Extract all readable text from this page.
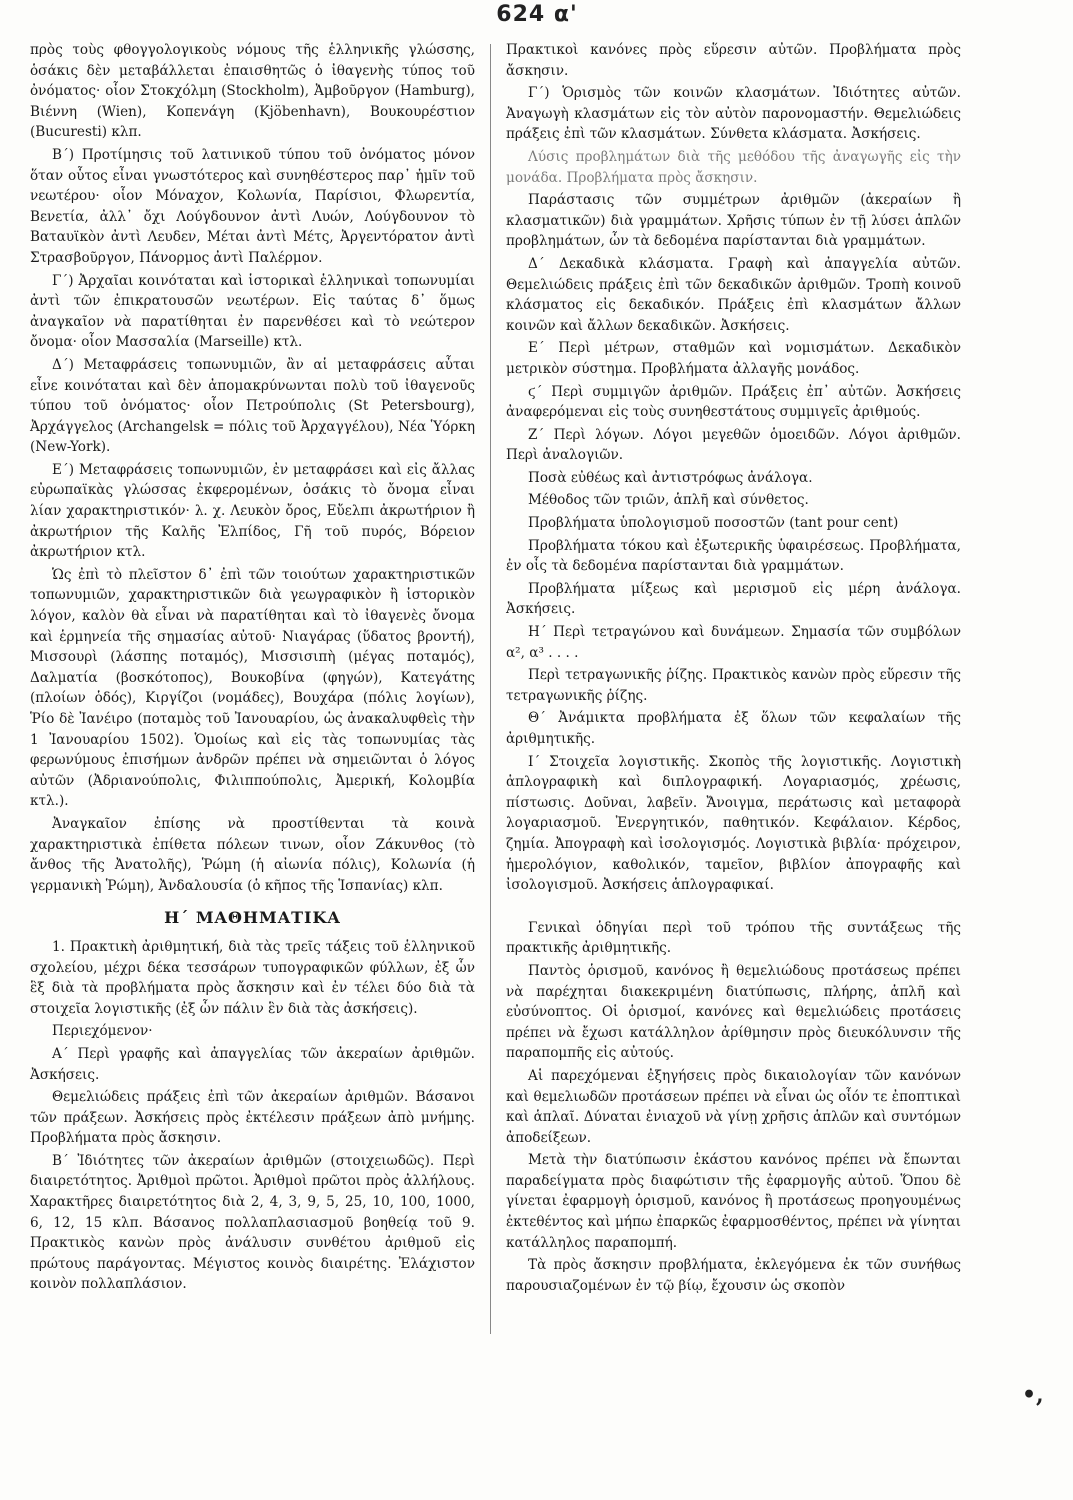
624 α'

πρὸς τοὺς φθογγολογικοὺς νόμους τῆς ἑλληνικῆς γλώσσης, ὁσάκις δὲν μεταβάλλεται ἐπαισθητῶς ὁ ἰθαγενὴς τύπος τοῦ ὀνόματος· οἷον Στοκχόλμη (Stockholm), Ἀμβοῦργον (Hamburg), Βιέννη (Wien), Κοπενάγη (Kjöbenhavn), Βουκουρέστιον (Bucuresti) κλπ.

Β΄) Προτίμησις τοῦ λατινικοῦ τύπου τοῦ ὀνόματος μόνον ὅταν οὗτος εἶναι γνωστότερος καὶ συνηθέστερος παρ᾿ ἡμῖν τοῦ νεωτέρου· οἷον Μόναχον, Κολωνία, Παρίσιοι, Φλωρεντία, Βενετία, ἀλλ᾿ ὄχι Λούγδουνον ἀντὶ Λυών, Λούγδουνον τὸ Βαταυϊκὸν ἀντὶ Λευδεν, Μέται ἀντὶ Μέτς, Ἀργεντόρατον ἀντὶ Στρασβοῦργον, Πάνορμος ἀντὶ Παλέρμον.

Γ΄) Ἀρχαῖαι κοινόταται καὶ ἱστορικαὶ ἑλληνικαὶ τοπωνυμίαι ἀντὶ τῶν ἐπικρατουσῶν νεωτέρων. Εἰς ταύτας δ᾿ ὅμως ἀναγκαῖον νὰ παρατίθηται ἐν παρενθέσει καὶ τὸ νεώτερον ὄνομα· οἷον Μασσαλία (Marseille) κτλ.

Δ΄) Μεταφράσεις τοπωνυμιῶν, ἂν αἱ μεταφράσεις αὗται εἶνε κοινόταται καὶ δὲν ἀπομακρύνωνται πολὺ τοῦ ἰθαγενοῦς τύπου τοῦ ὀνόματος· οἷον Πετρούπολις (St Petersbourg), Ἀρχάγγελος (Archangelsk = πόλις τοῦ Ἀρχαγγέλου), Νέα Ὑόρκη (New-York).

Ε΄) Μεταφράσεις τοπωνυμιῶν, ἐν μεταφράσει καὶ εἰς ἄλλας εὐρωπαϊκὰς γλώσσας ἐκφερομένων, ὁσάκις τὸ ὄνομα εἶναι λίαν χαρακτηριστικόν· λ. χ. Λευκὸν ὄρος, Εὔελπι ἀκρωτήριον ἢ ἀκρωτήριον τῆς Καλῆς Ἐλπίδος, Γῆ τοῦ πυρός, Βόρειον ἀκρωτήριον κτλ.

Ὡς ἐπὶ τὸ πλεῖστον δ᾿ ἐπὶ τῶν τοιούτων χαρακτηριστικῶν τοπωνυμιῶν, χαρακτηριστικῶν διὰ γεωγραφικὸν ἢ ἱστορικὸν λόγον, καλὸν θὰ εἶναι νὰ παρατίθηται καὶ τὸ ἰθαγενὲς ὄνομα καὶ ἑρμηνεία τῆς σημασίας αὐτοῦ· Νιαγάρας (ὕδατος βροντή), Μισσουρὶ (λάσπης ποταμός), Μισσισιπὴ (μέγας ποταμός), Δαλματία (βοσκότοπος), Βουκοβίνα (φηγών), Κατεγάτης (πλοίων ὁδός), Κιργίζοι (νομάδες), Βουχάρα (πόλις λογίων), Ῥίο δὲ Ἰανέιρο (ποταμὸς τοῦ Ἰανουαρίου, ὡς ἀνακαλυφθεὶς τὴν 1 Ἰανουαρίου 1502). Ὁμοίως καὶ εἰς τὰς τοπωνυμίας τὰς φερωνύμους ἐπισήμων ἀνδρῶν πρέπει νὰ σημειῶνται ὁ λόγος αὐτῶν (Ἀδριανούπολις, Φιλιππούπολις, Ἀμερική, Κολομβία κτλ.).

Ἀναγκαῖον ἐπίσης νὰ προστίθενται τὰ κοινὰ χαρακτηριστικὰ ἐπίθετα πόλεων τινων, οἷον Ζάκυνθος (τὸ ἄνθος τῆς Ἀνατολῆς), Ῥώμη (ἡ αἰωνία πόλις), Κολωνία (ἡ γερμανικὴ Ῥώμη), Ἀνδαλουσία (ὁ κῆπος τῆς Ἱσπανίας) κλπ.

Η΄ ΜΑΘΗΜΑΤΙΚΑ

1. Πρακτικὴ ἀριθμητική, διὰ τὰς τρεῖς τάξεις τοῦ ἑλληνικοῦ σχολείου, μέχρι δέκα τεσσάρων τυπογραφικῶν φύλλων, ἐξ ὧν ἓξ διὰ τὰ προβλήματα πρὸς ἄσκησιν καὶ ἐν τέλει δύο διὰ τὰ στοιχεῖα λογιστικῆς (ἐξ ὧν πάλιν ἓν διὰ τὰς ἀσκήσεις).

Περιεχόμενον·

Α΄ Περὶ γραφῆς καὶ ἀπαγγελίας τῶν ἀκεραίων ἀριθμῶν. Ἀσκήσεις.

Θεμελιώδεις πράξεις ἐπὶ τῶν ἀκεραίων ἀριθμῶν. Βάσανοι τῶν πράξεων. Ἀσκήσεις πρὸς ἐκτέλεσιν πράξεων ἀπὸ μνήμης. Προβλήματα πρὸς ἄσκησιν.

Β΄ Ἰδιότητες τῶν ἀκεραίων ἀριθμῶν (στοιχειωδῶς). Περὶ διαιρετότητος. Ἀριθμοὶ πρῶτοι. Ἀριθμοὶ πρῶτοι πρὸς ἀλλήλους. Χαρακτῆρες διαιρετότητος διὰ 2, 4, 3, 9, 5, 25, 10, 100, 1000, 6, 12, 15 κλπ. Βάσανος πολλαπλασιασμοῦ βοηθείᾳ τοῦ 9. Πρακτικὸς κανὼν πρὸς ἀνάλυσιν συνθέτου ἀριθμοῦ εἰς πρώτους παράγοντας. Μέγιστος κοινὸς διαιρέτης. Ἐλάχιστον κοινὸν πολλαπλάσιον.

Πρακτικοὶ κανόνες πρὸς εὕρεσιν αὐτῶν. Προβλήματα πρὸς ἄσκησιν.

Γ΄) Ὁρισμὸς τῶν κοινῶν κλασμάτων. Ἰδιότητες αὐτῶν. Ἀναγωγὴ κλασμάτων εἰς τὸν αὐτὸν παρονομαστήν. Θεμελιώδεις πράξεις ἐπὶ τῶν κλασμάτων. Σύνθετα κλάσματα. Ἀσκήσεις.

Λύσις προβλημάτων διὰ τῆς μεθόδου τῆς ἀναγωγῆς εἰς τὴν μονάδα. Προβλήματα πρὸς ἄσκησιν.

Παράστασις τῶν συμμέτρων ἀριθμῶν (ἀκεραίων ἢ κλασματικῶν) διὰ γραμμάτων. Χρῆσις τύπων ἐν τῇ λύσει ἁπλῶν προβλημάτων, ὧν τὰ δεδομένα παρίστανται διὰ γραμμάτων.

Δ΄ Δεκαδικὰ κλάσματα. Γραφὴ καὶ ἀπαγγελία αὐτῶν. Θεμελιώδεις πράξεις ἐπὶ τῶν δεκαδικῶν ἀριθμῶν. Τροπὴ κοινοῦ κλάσματος εἰς δεκαδικόν. Πράξεις ἐπὶ κλασμάτων ἄλλων κοινῶν καὶ ἄλλων δεκαδικῶν. Ἀσκήσεις.

Ε΄ Περὶ μέτρων, σταθμῶν καὶ νομισμάτων. Δεκαδικὸν μετρικὸν σύστημα. Προβλήματα ἀλλαγῆς μονάδος.

ϛ΄ Περὶ συμμιγῶν ἀριθμῶν. Πράξεις ἐπ᾿ αὐτῶν. Ἀσκήσεις ἀναφερόμεναι εἰς τοὺς συνηθεστάτους συμμιγεῖς ἀριθμούς.

Ζ΄ Περὶ λόγων. Λόγοι μεγεθῶν ὁμοειδῶν. Λόγοι ἀριθμῶν. Περὶ ἀναλογιῶν.

Ποσὰ εὐθέως καὶ ἀντιστρόφως ἀνάλογα.

Μέθοδος τῶν τριῶν, ἁπλῆ καὶ σύνθετος.

Προβλήματα ὑπολογισμοῦ ποσοστῶν (tant pour cent)

Προβλήματα τόκου καὶ ἐξωτερικῆς ὑφαιρέσεως. Προβλήματα, ἐν οἷς τὰ δεδομένα παρίστανται διὰ γραμμάτων.

Προβλήματα μίξεως καὶ μερισμοῦ εἰς μέρη ἀνάλογα. Ἀσκήσεις.

Η΄ Περὶ τετραγώνου καὶ δυνάμεων. Σημασία τῶν συμβόλων α², α³ . . . .

Περὶ τετραγωνικῆς ῥίζης. Πρακτικὸς κανὼν πρὸς εὕρεσιν τῆς τετραγωνικῆς ῥίζης.

Θ΄ Ἀνάμικτα προβλήματα ἐξ ὅλων τῶν κεφαλαίων τῆς ἀριθμητικῆς.

Ι΄ Στοιχεῖα λογιστικῆς. Σκοπὸς τῆς λογιστικῆς. Λογιστικὴ ἁπλογραφικὴ καὶ διπλογραφική. Λογαριασμός, χρέωσις, πίστωσις. Δοῦναι, λαβεῖν. Ἄνοιγμα, περάτωσις καὶ μεταφορὰ λογαριασμοῦ. Ἐνεργητικόν, παθητικόν. Κεφάλαιον. Κέρδος, ζημία. Ἀπογραφὴ καὶ ἰσολογισμός. Λογιστικὰ βιβλία· πρόχειρον, ἡμερολόγιον, καθολικόν, ταμεῖον, βιβλίον ἀπογραφῆς καὶ ἰσολογισμοῦ. Ἀσκήσεις ἁπλογραφικαί.

Γενικαὶ ὁδηγίαι περὶ τοῦ τρόπου τῆς συντάξεως τῆς πρακτικῆς ἀριθμητικῆς.

Παντὸς ὁρισμοῦ, κανόνος ἢ θεμελιώδους προτάσεως πρέπει νὰ παρέχηται διακεκριμένη διατύπωσις, πλήρης, ἁπλῆ καὶ εὐσύνοπτος. Οἱ ὁρισμοί, κανόνες καὶ θεμελιώδεις προτάσεις πρέπει νὰ ἔχωσι κατάλληλον ἀρίθμησιν πρὸς διευκόλυνσιν τῆς παραπομπῆς εἰς αὐτούς.

Αἱ παρεχόμεναι ἐξηγήσεις πρὸς δικαιολογίαν τῶν κανόνων καὶ θεμελιωδῶν προτάσεων πρέπει νὰ εἶναι ὡς οἷόν τε ἐποπτικαὶ καὶ ἁπλαῖ. Δύναται ἐνιαχοῦ νὰ γίνῃ χρῆσις ἁπλῶν καὶ συντόμων ἀποδείξεων.

Μετὰ τὴν διατύπωσιν ἑκάστου κανόνος πρέπει νὰ ἔπωνται παραδείγματα πρὸς διαφώτισιν τῆς ἐφαρμογῆς αὐτοῦ. Ὅπου δὲ γίνεται ἐφαρμογὴ ὁρισμοῦ, κανόνος ἢ προτάσεως προηγουμένως ἐκτεθέντος καὶ μήπω ἐπαρκῶς ἐφαρμοσθέντος, πρέπει νὰ γίνηται κατάλληλος παραπομπή.

Τὰ πρὸς ἄσκησιν προβλήματα, ἐκλεγόμενα ἐκ τῶν συνήθως παρουσιαζομένων ἐν τῷ βίῳ, ἔχουσιν ὡς σκοπὸν

•,
